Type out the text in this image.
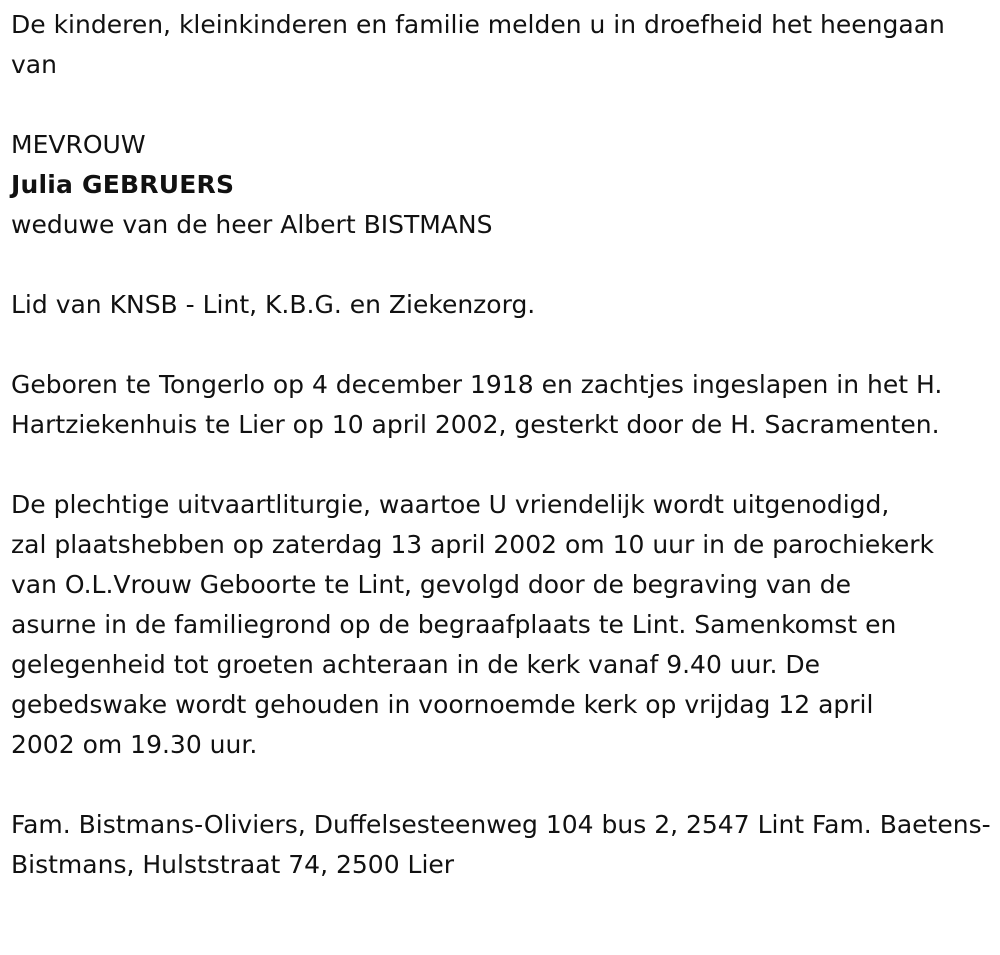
De kinderen, kleinkinderen en familie melden u in droefheid het heengaan van

MEVROUW

Julia GEBRUERS

weduwe van de heer Albert BISTMANS

Lid van KNSB - Lint, K.B.G. en Ziekenzorg.

Geboren te Tongerlo op 4 december 1918 en zachtjes ingeslapen in het H. Hartziekenhuis te Lier op 10 april 2002, gesterkt door de H. Sacramenten.

De plechtige uitvaartliturgie, waartoe U vriendelijk wordt uitgenodigd,

zal plaatshebben op zaterdag 13 april 2002 om 10 uur in de parochiekerk

van O.L.Vrouw Geboorte te Lint, gevolgd door de begraving van de

asurne in de familiegrond op de begraafplaats te Lint. Samenkomst en

gelegenheid tot groeten achteraan in de kerk vanaf 9.40 uur. De

gebedswake wordt gehouden in voornoemde kerk op vrijdag 12 april

2002 om 19.30 uur.

Fam. Bistmans-Oliviers, Duffelsesteenweg 104 bus 2, 2547 Lint Fam. Baetens-Bistmans, Hulststraat 74, 2500 Lier
